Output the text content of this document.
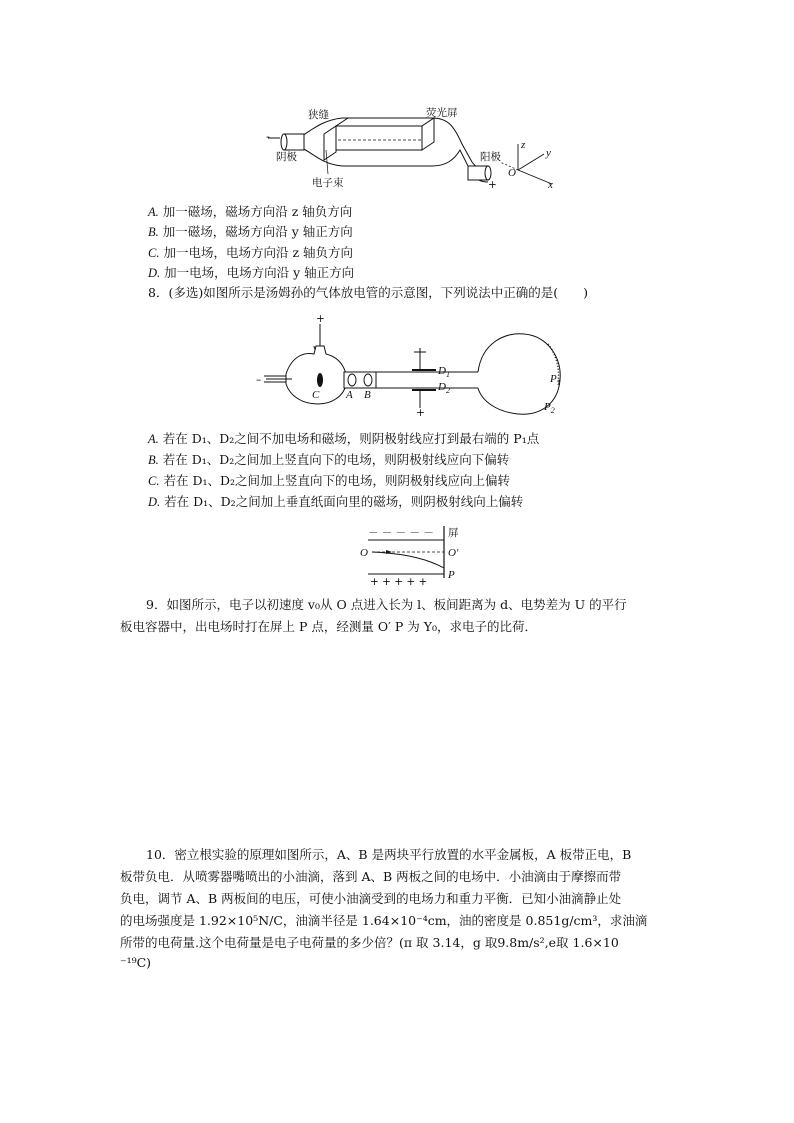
狭缝	荧光屏
阴极	阳极
电子束
-
+
z
y
x
O
A. 加一磁场，磁场方向沿 z 轴负方向
B. 加一磁场，磁场方向沿 y 轴正方向
C. 加一电场，电场方向沿 z 轴负方向
D. 加一电场，电场方向沿 y 轴正方向
8．(多选)如图所示是汤姆孙的气体放电管的示意图，下列说法中正确的是(　　)
+
–
C A B
$D_1$
$D_2$
+
$P_1$
$P_2$
A. 若在 D₁、D₂之间不加电场和磁场，则阴极射线应打到最右端的 P₁点
B. 若在 D₁、D₂之间加上竖直向下的电场，则阴极射线应向下偏转
C. 若在 D₁、D₂之间加上竖直向下的电场，则阴极射线应向上偏转
D. 若在 D₁、D₂之间加上垂直纸面向里的磁场，则阴极射线向上偏转
－ － － － －
+ + + + +
屏
O	O′
P
9．如图所示，电子以初速度 v₀从 O 点进入长为 l、板间距离为 d、电势差为 U 的平行
板电容器中，出电场时打在屏上 P 点，经测量 O′ P 为 Y₀，求电子的比荷．
10．密立根实验的原理如图所示，A、B 是两块平行放置的水平金属板，A 板带正电，B
板带负电．从喷雾器嘴喷出的小油滴，落到 A、B 两板之间的电场中．小油滴由于摩擦而带
负电，调节 A、B 两板间的电压，可使小油滴受到的电场力和重力平衡．已知小油滴静止处
的电场强度是 1.92×10⁵N/C，油滴半径是 1.64×10⁻⁴cm，油的密度是 0.851g/cm³，求油滴
所带的电荷量.这个电荷量是电子电荷量的多少倍？(π 取 3.14，g 取9.8m/s²,e取 1.6×10
⁻¹⁹C)
